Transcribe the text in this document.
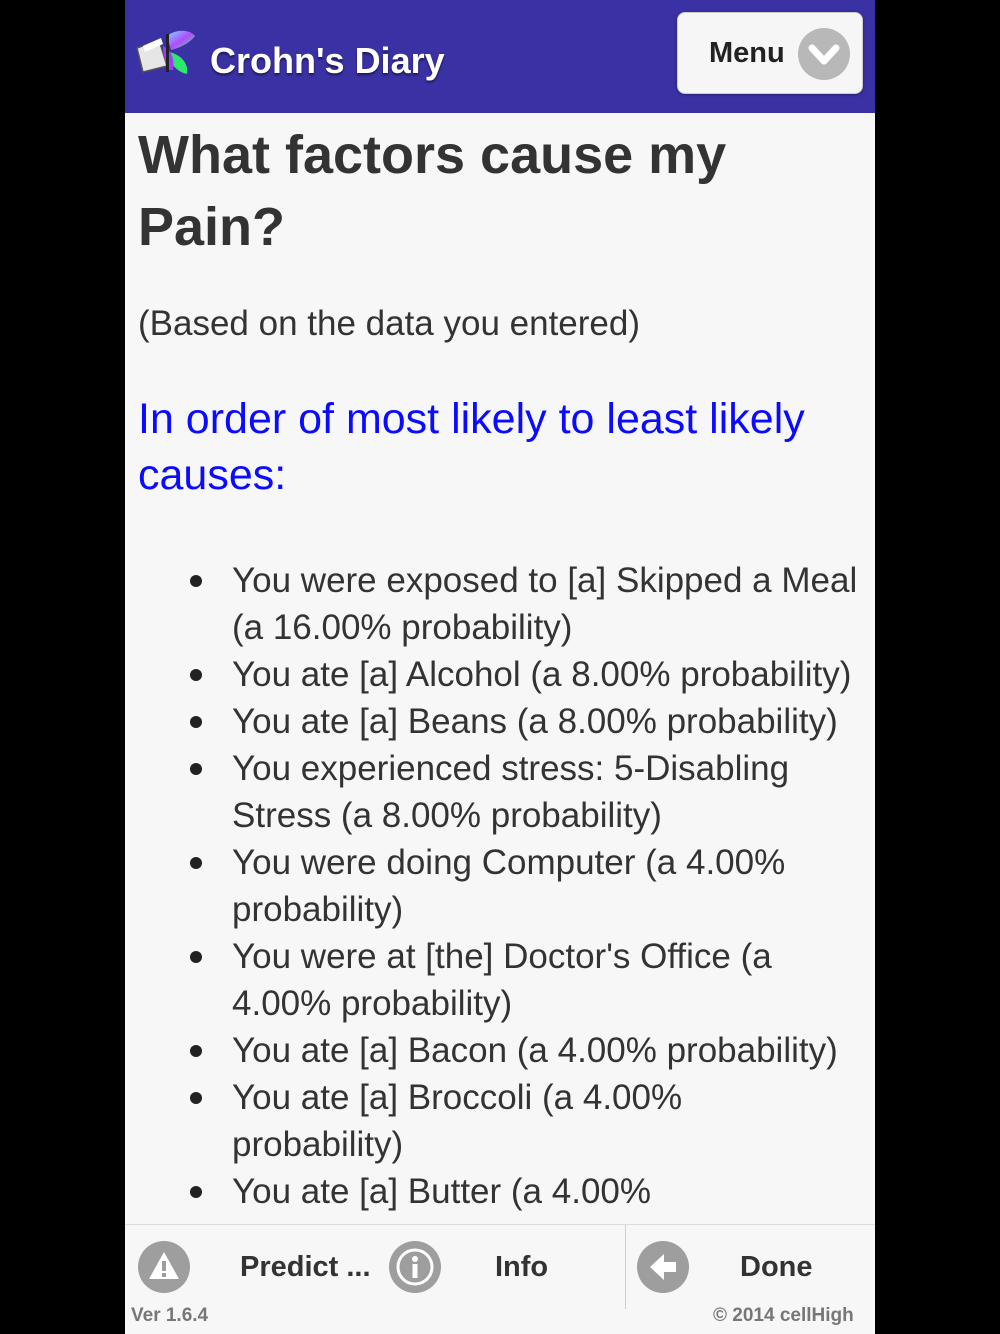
Crohn's Diary	Menu
What factors cause my Pain?

(Based on the data you entered)

In order of most likely to least likely causes:

You were exposed to [a] Skipped a Meal (a 16.00% probability)
You ate [a] Alcohol (a 8.00% probability)
You ate [a] Beans (a 8.00% probability)
You experienced stress: 5-Disabling Stress (a 8.00% probability)
You were doing Computer (a 4.00% probability)
You were at [the] Doctor's Office (a 4.00% probability)
You ate [a] Bacon (a 4.00% probability)
You ate [a] Broccoli (a 4.00% probability)
You ate [a] Butter (a 4.00%
Predict ...	Info	Done
Ver 1.6.4	© 2014 cellHigh
